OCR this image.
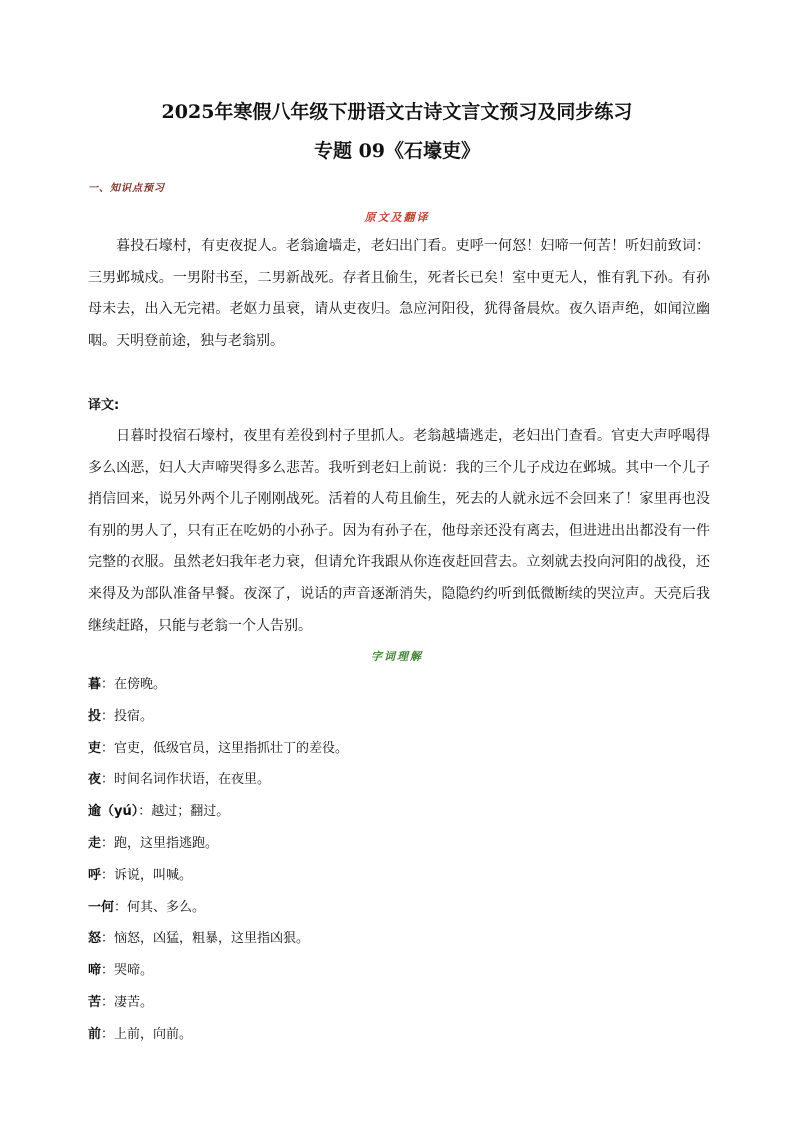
2025年寒假八年级下册语文古诗文言文预习及同步练习
专题 09《石壕吏》
一、知识点预习
原文及翻译
暮投石壕村，有吏夜捉人。老翁逾墙走，老妇出门看。吏呼一何怒！妇啼一何苦！听妇前致词：三男邺城戍。一男附书至，二男新战死。存者且偷生，死者长已矣！室中更无人，惟有乳下孙。有孙母未去，出入无完裙。老妪力虽衰，请从吏夜归。急应河阳役，犹得备晨炊。夜久语声绝，如闻泣幽咽。天明登前途，独与老翁别。
译文:
日暮时投宿石壕村，夜里有差役到村子里抓人。老翁越墙逃走，老妇出门查看。官吏大声呼喝得多么凶恶，妇人大声啼哭得多么悲苦。我听到老妇上前说：我的三个儿子戍边在邺城。其中一个儿子捎信回来，说另外两个儿子刚刚战死。活着的人苟且偷生，死去的人就永远不会回来了！家里再也没有别的男人了，只有正在吃奶的小孙子。因为有孙子在，他母亲还没有离去，但进进出出都没有一件完整的衣服。虽然老妇我年老力衰，但请允许我跟从你连夜赶回营去。立刻就去投向河阳的战役，还来得及为部队准备早餐。夜深了，说话的声音逐渐消失，隐隐约约听到低微断续的哭泣声。天亮后我继续赶路，只能与老翁一个人告别。
字词理解
暮：在傍晚。
投：投宿。
吏：官吏，低级官员，这里指抓壮丁的差役。
夜：时间名词作状语，在夜里。
逾（yú）：越过；翻过。
走：跑，这里指逃跑。
呼：诉说，叫喊。
一何：何其、多么。
怒：恼怒，凶猛，粗暴，这里指凶狠。
啼：哭啼。
苦：凄苦。
前：上前，向前。
